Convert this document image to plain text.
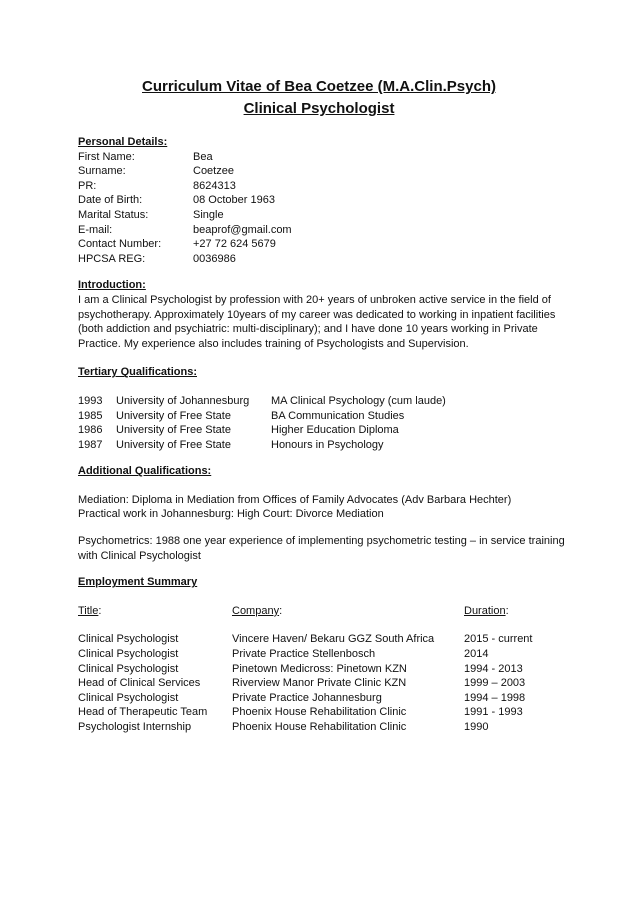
Curriculum Vitae of Bea Coetzee (M.A.Clin.Psych)
Clinical Psychologist
Personal Details:
First Name:	Bea
Surname:	Coetzee
PR:	8624313
Date of Birth:	08 October 1963
Marital Status:	Single
E-mail:	beaprof@gmail.com
Contact Number:	+27 72 624 5679
HPCSA REG:	0036986
Introduction:

I am a Clinical Psychologist by profession with 20+ years of unbroken active service in the field of psychotherapy. Approximately 10years of my career was dedicated to working in inpatient facilities (both addiction and psychiatric: multi-disciplinary); and I have done 10 years working in Private Practice. My experience also includes training of Psychologists and Supervision.

Tertiary Qualifications:
1993	University of Johannesburg	MA Clinical Psychology (cum laude)
1985	University of Free State	BA Communication Studies
1986	University of Free State	Higher Education Diploma
1987	University of Free State	Honours in Psychology
Additional Qualifications:
Mediation: Diploma in Mediation from Offices of Family Advocates (Adv Barbara Hechter)
Practical work in Johannesburg: High Court: Divorce Mediation

Psychometrics: 1988 one year experience of implementing psychometric testing – in service training with Clinical Psychologist

Employment Summary
Title:	Company:	Duration:
Clinical Psychologist	Vincere Haven/ Bekaru GGZ South Africa	2015 - current
Clinical Psychologist	Private Practice Stellenbosch	2014
Clinical Psychologist	Pinetown Medicross: Pinetown KZN	1994 - 2013
Head of Clinical Services	Riverview Manor Private Clinic KZN	1999 – 2003
Clinical Psychologist	Private Practice Johannesburg	1994 – 1998
Head of Therapeutic Team	Phoenix House Rehabilitation Clinic	1991 - 1993
Psychologist Internship	Phoenix House Rehabilitation Clinic	1990
